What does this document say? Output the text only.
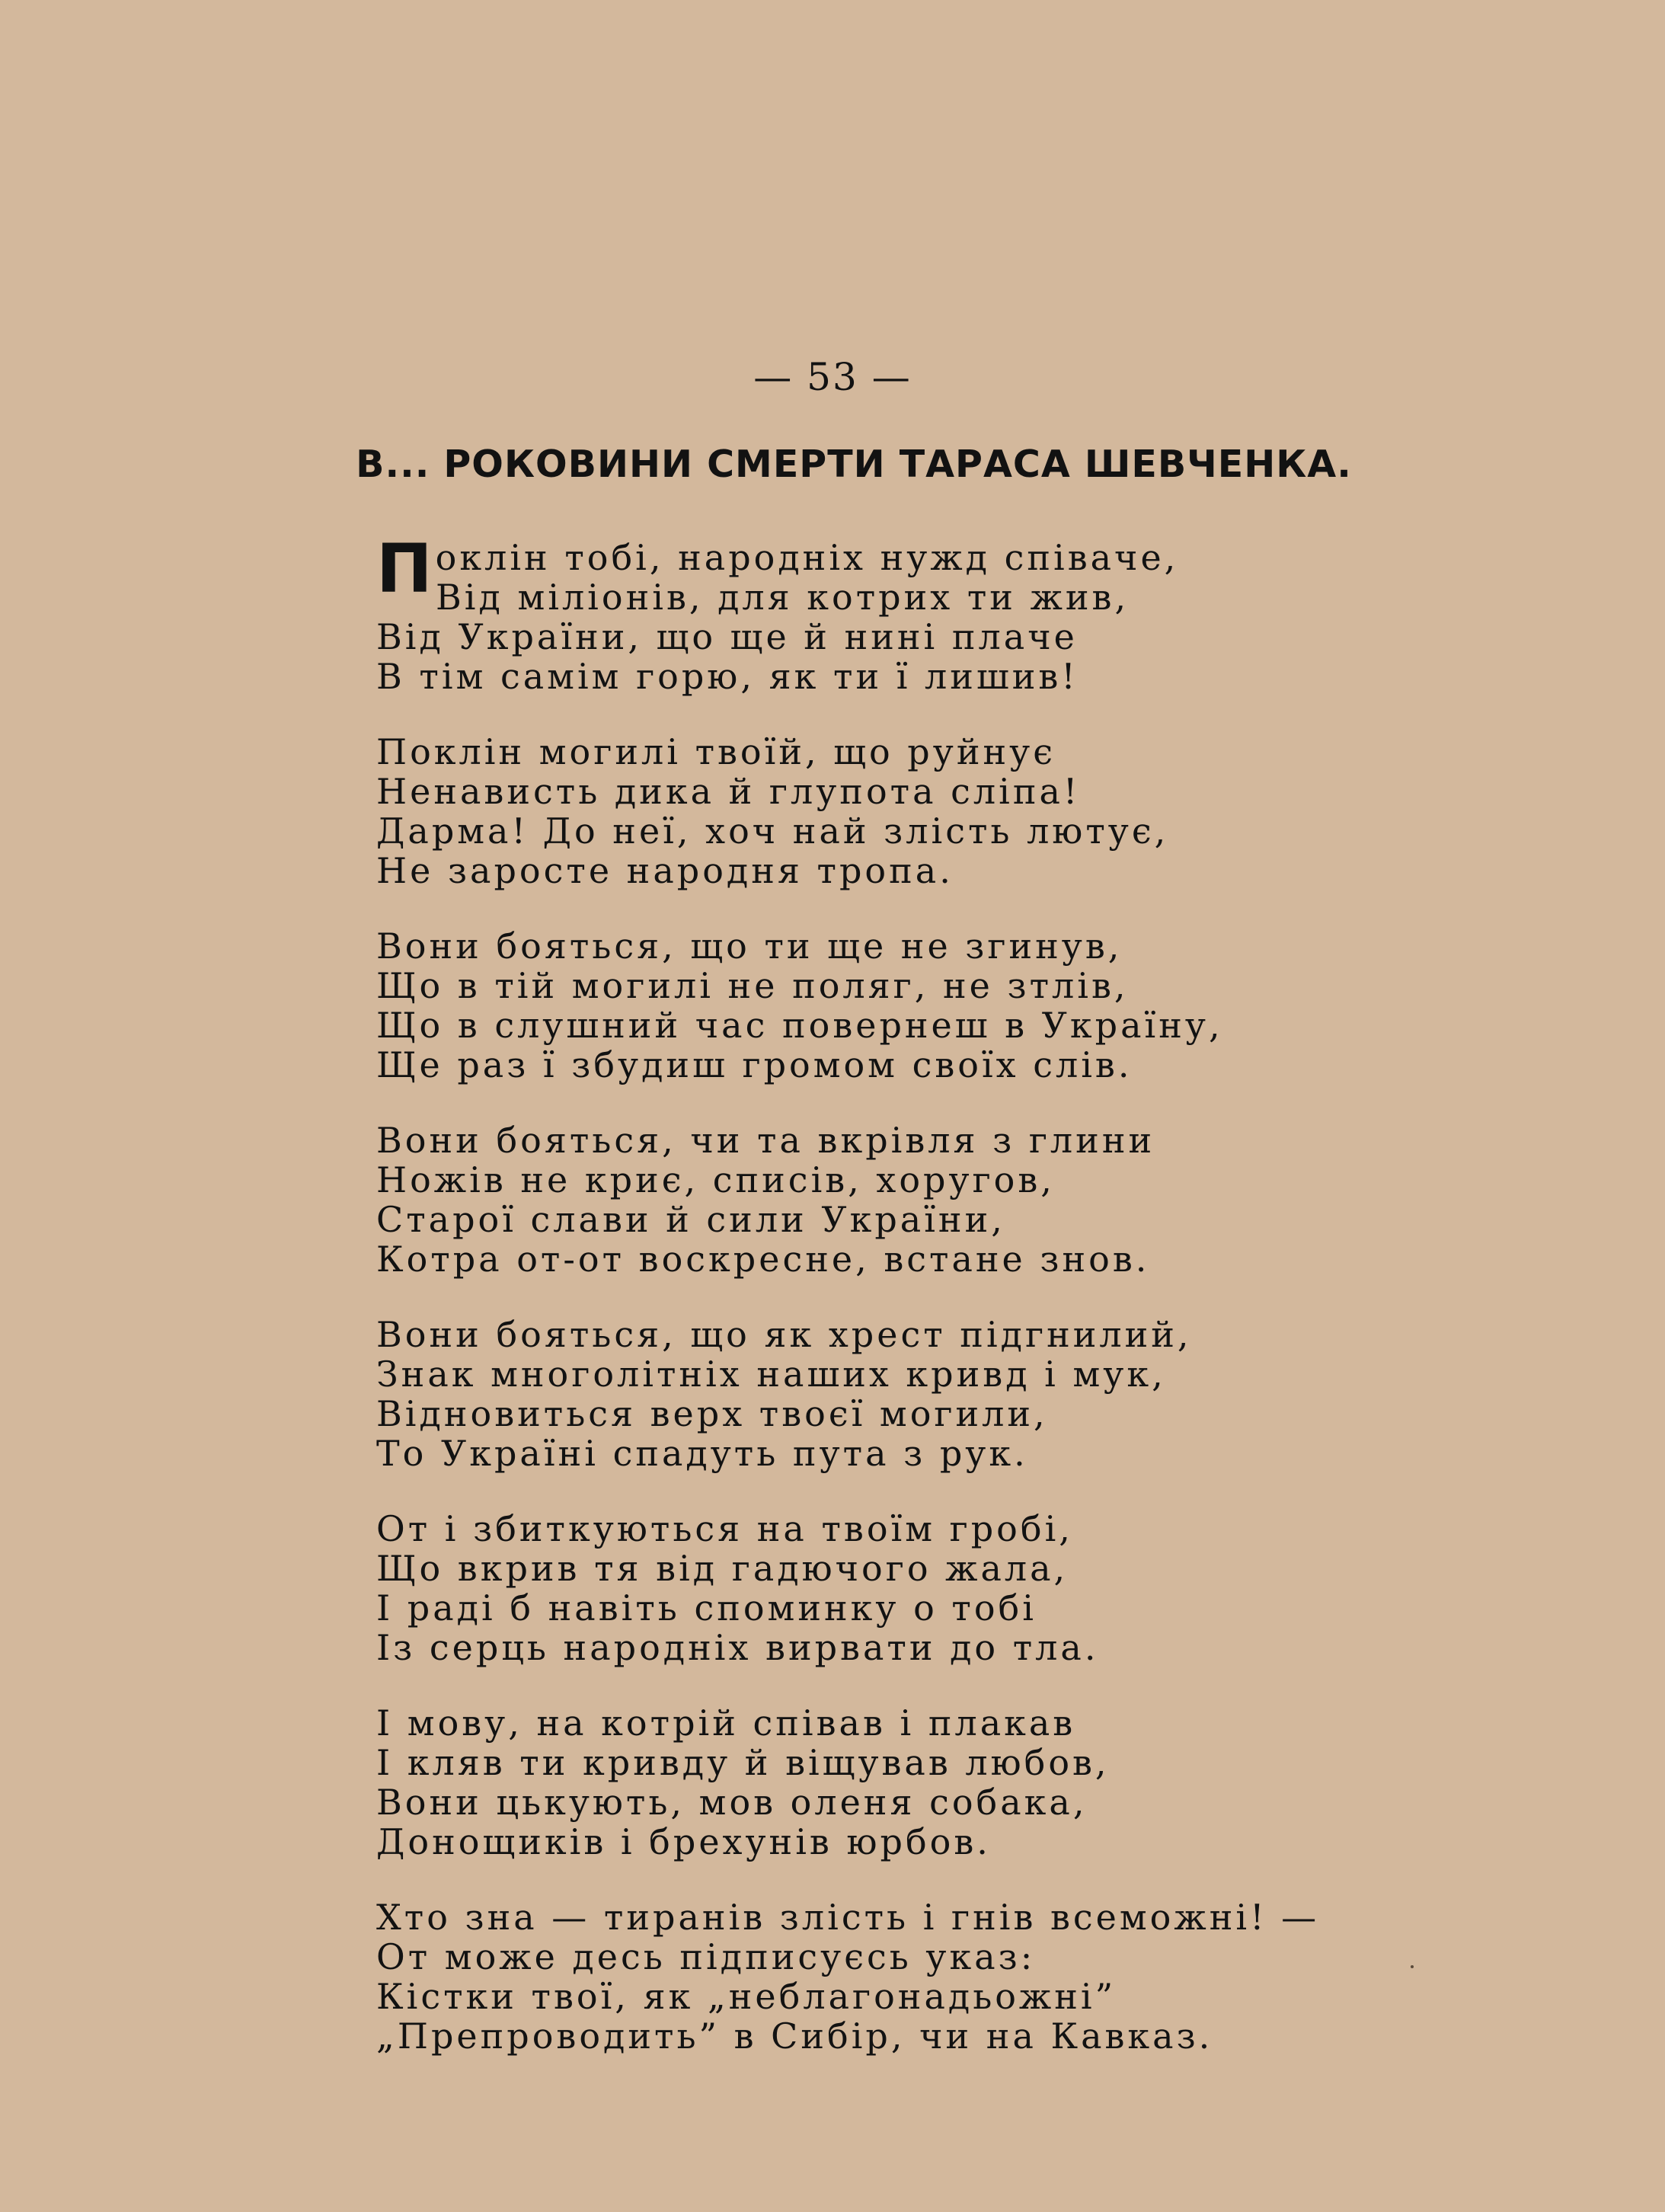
— 53 —
В... РОКОВИНИ СМЕРТИ ТАРАСА ШЕВЧЕНКА.
Поклін тобі, народніх нужд співаче,
Від міліонів, для котрих ти жив,
Від України, що ще й нині плаче
В тім самім горю, як ти ї лишив!
Поклін могилі твоїй, що руйнує
Ненависть дика й глупота сліпа!
Дарма! До неї, хоч най злість лютує,
Не заросте народня тропа.
Вони бояться, що ти ще не згинув,
Що в тій могилі не поляг, не зтлів,
Що в слушний час повернеш в Україну,
Ще раз ї збудиш громом своїх слів.
Вони бояться, чи та вкрівля з глини
Ножів не криє, списів, хоругов,
Старої слави й сили України,
Котра от-от воскресне, встане знов.
Вони бояться, що як хрест підгнилий,
Знак многолітніх наших кривд і мук,
Відновиться верх твоєї могили,
То Україні спадуть пута з рук.
От і збиткуються на твоїм гробі,
Що вкрив тя від гадючого жала,
І раді б навіть споминку о тобі
Із серць народніх вирвати до тла.
І мову, на котрій співав і плакав
І кляв ти кривду й віщував любов,
Вони цькують, мов оленя собака,
Донощиків і брехунів юрбов.
Хто зна — тиранів злість і гнів всеможні! —
От може десь підписуєсь указ:
Кістки твої, як „неблагонадьожні”
„Препроводить” в Сибір, чи на Кавказ.
